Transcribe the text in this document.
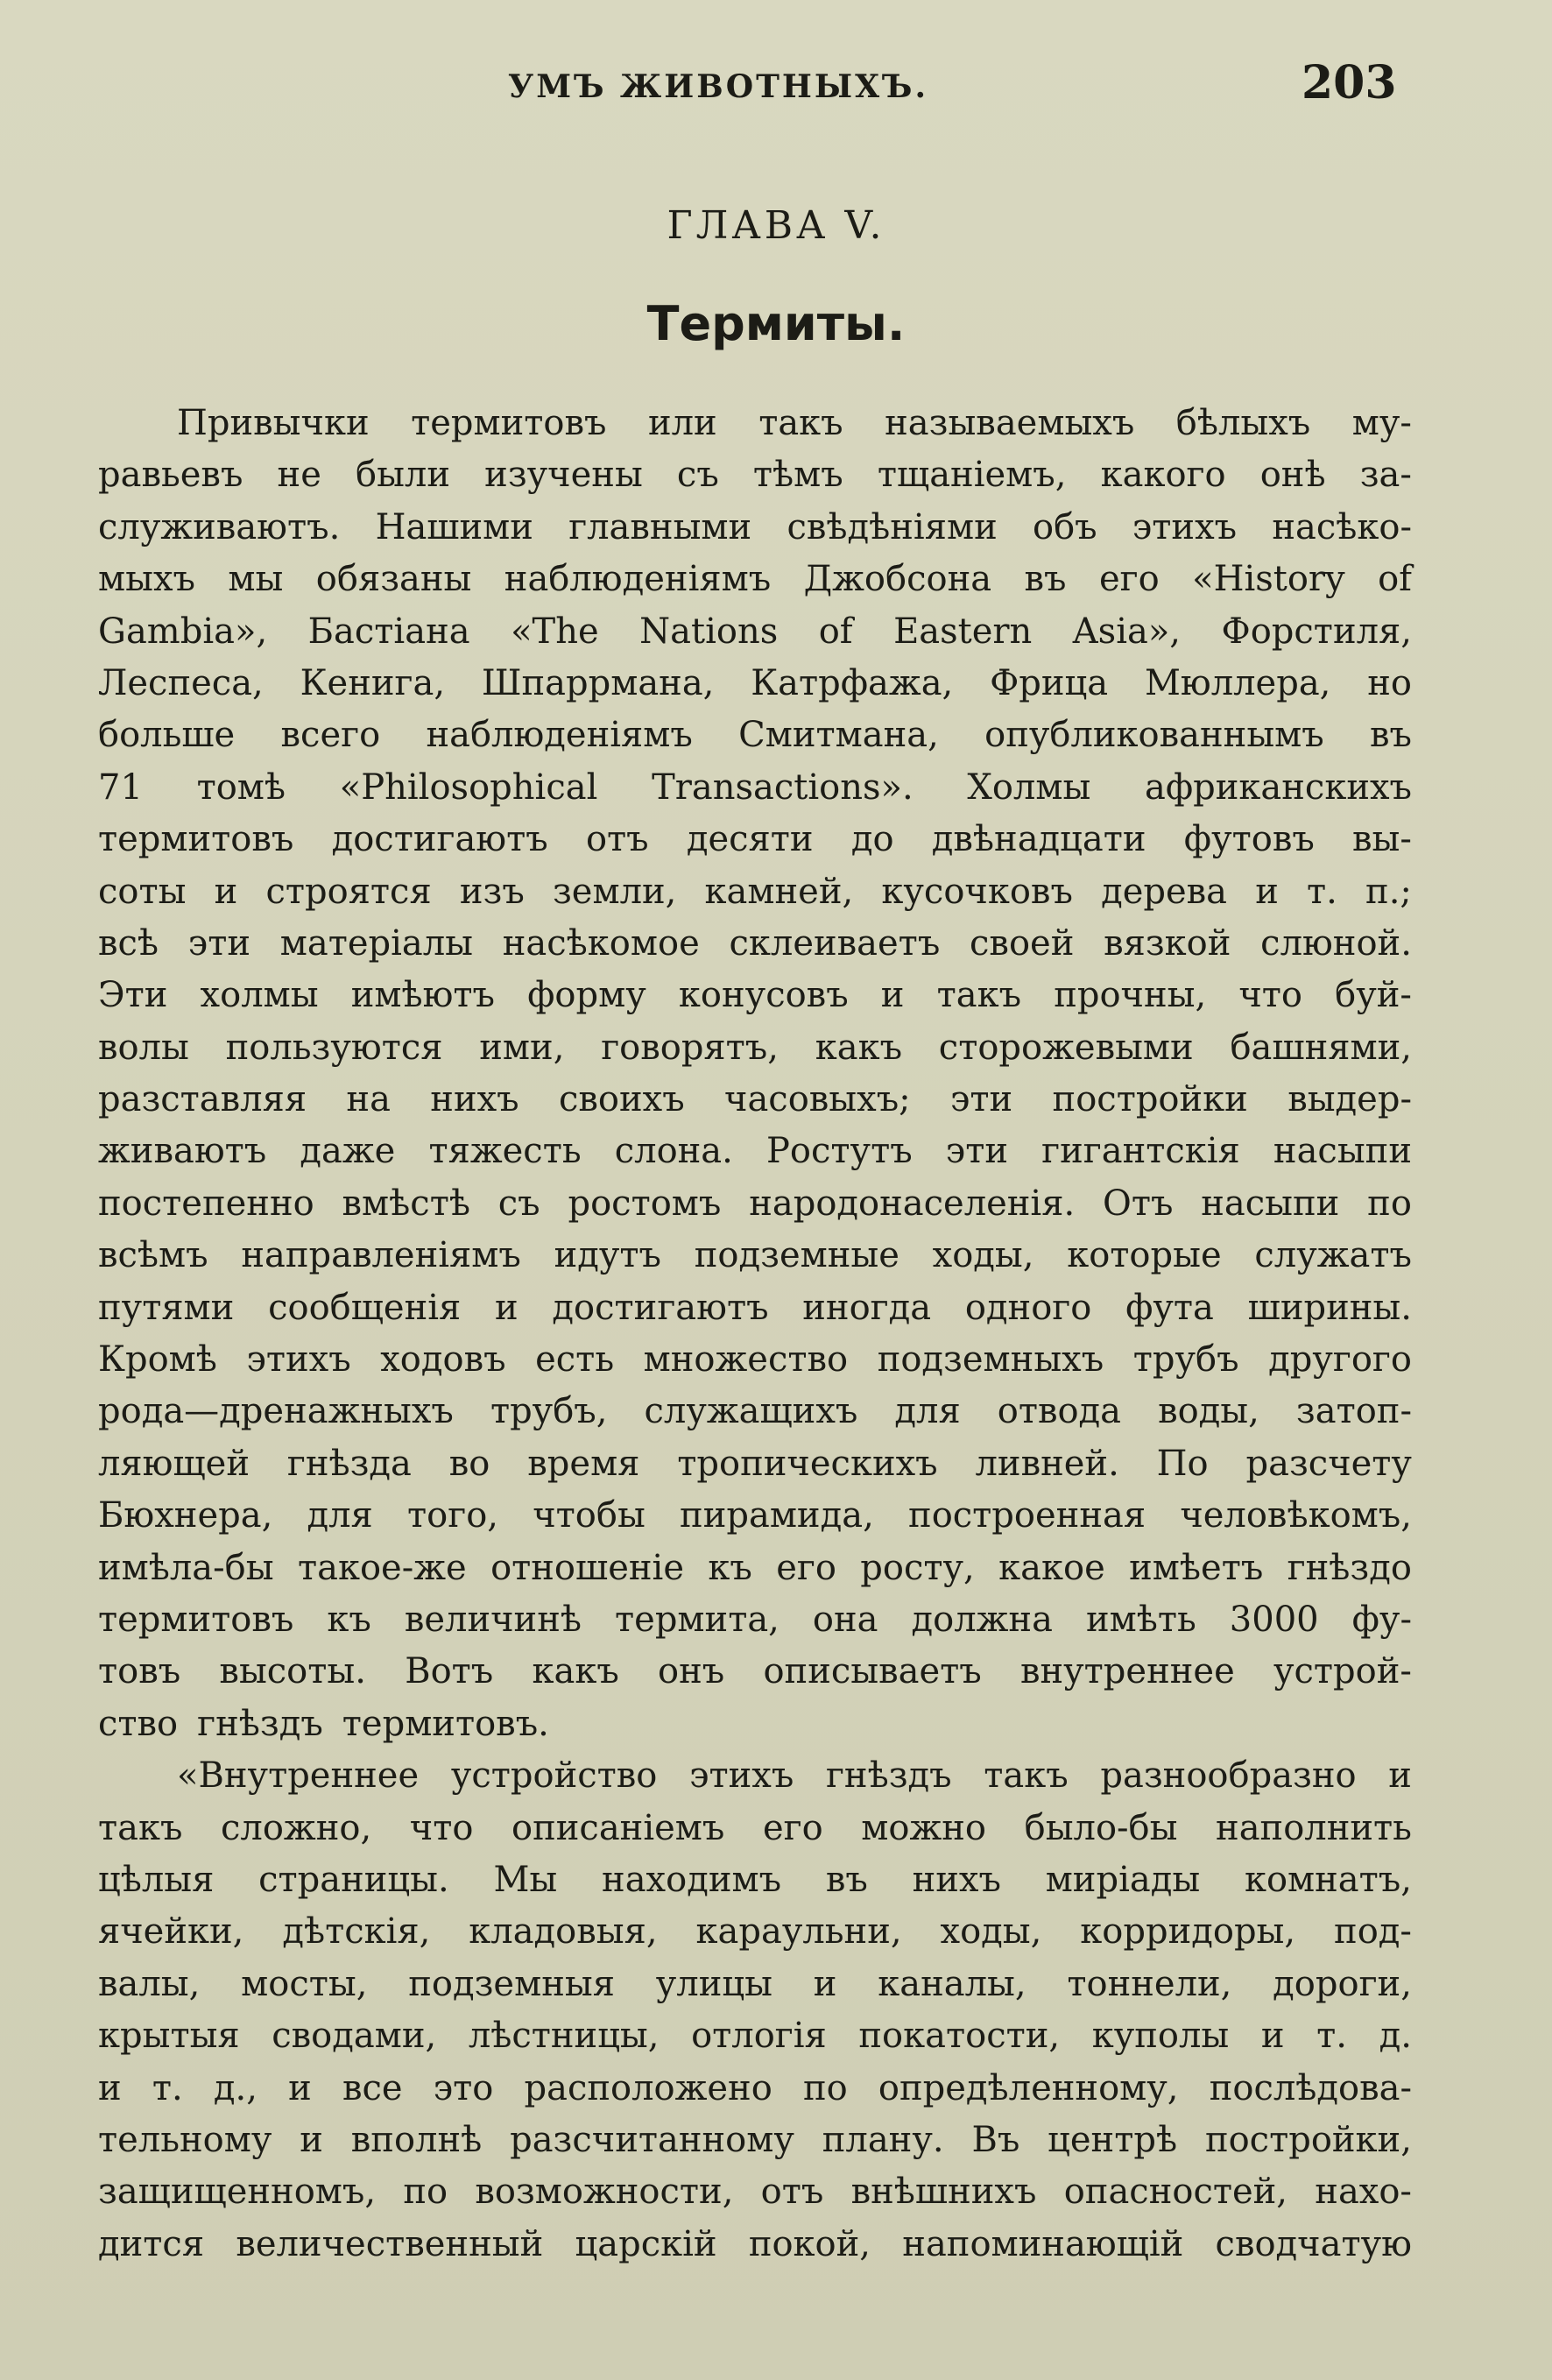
УМЪ ЖИВОТНЫХЪ.	203
ГЛАВА V.
Термиты.
Привычки термитовъ или такъ называемыхъ бѣлыхъ му-
равьевъ не были изучены съ тѣмъ тщаніемъ, какого онѣ за-
служиваютъ. Нашими главными свѣдѣніями объ этихъ насѣко-
мыхъ мы обязаны наблюденіямъ Джобсона въ его «History of
Gambia», Бастіана «The Nations of Eastern Asia», Форстиля,
Леспеса, Кенига, Шпаррмана, Катрфажа, Фрица Мюллера, но
больше всего наблюденіямъ Смитмана, опубликованнымъ въ
71 томѣ «Philosophical Transactions». Холмы африканскихъ
термитовъ достигаютъ отъ десяти до двѣнадцати футовъ вы-
соты и строятся изъ земли, камней, кусочковъ дерева и т. п.;
всѣ эти матеріалы насѣкомое склеиваетъ своей вязкой слюной.
Эти холмы имѣютъ форму конусовъ и такъ прочны, что буй-
волы пользуются ими, говорятъ, какъ сторожевыми башнями,
разставляя на нихъ своихъ часовыхъ; эти постройки выдер-
живаютъ даже тяжесть слона. Ростутъ эти гигантскія насыпи
постепенно вмѣстѣ съ ростомъ народонаселенія. Отъ насыпи по
всѣмъ направленіямъ идутъ подземные ходы, которые служатъ
путями сообщенія и достигаютъ иногда одного фута ширины.
Кромѣ этихъ ходовъ есть множество подземныхъ трубъ другого
рода—дренажныхъ трубъ, служащихъ для отвода воды, затоп-
ляющей гнѣзда во время тропическихъ ливней. По разсчету
Бюхнера, для того, чтобы пирамида, построенная человѣкомъ,
имѣла-бы такое-же отношеніе къ его росту, какое имѣетъ гнѣздо
термитовъ къ величинѣ термита, она должна имѣть 3000 фу-
товъ высоты. Вотъ какъ онъ описываетъ внутреннее устрой-
ство гнѣздъ термитовъ.
«Внутреннее устройство этихъ гнѣздъ такъ разнообразно и
такъ сложно, что описаніемъ его можно было-бы наполнить
цѣлыя страницы. Мы находимъ въ нихъ миріады комнатъ,
ячейки, дѣтскія, кладовыя, караульни, ходы, корридоры, под-
валы, мосты, подземныя улицы и каналы, тоннели, дороги,
крытыя сводами, лѣстницы, отлогія покатости, куполы и т. д.
и т. д., и все это расположено по опредѣленному, послѣдова-
тельному и вполнѣ разсчитанному плану. Въ центрѣ постройки,
защищенномъ, по возможности, отъ внѣшнихъ опасностей, нахо-
дится величественный царскій покой, напоминающій сводчатую
